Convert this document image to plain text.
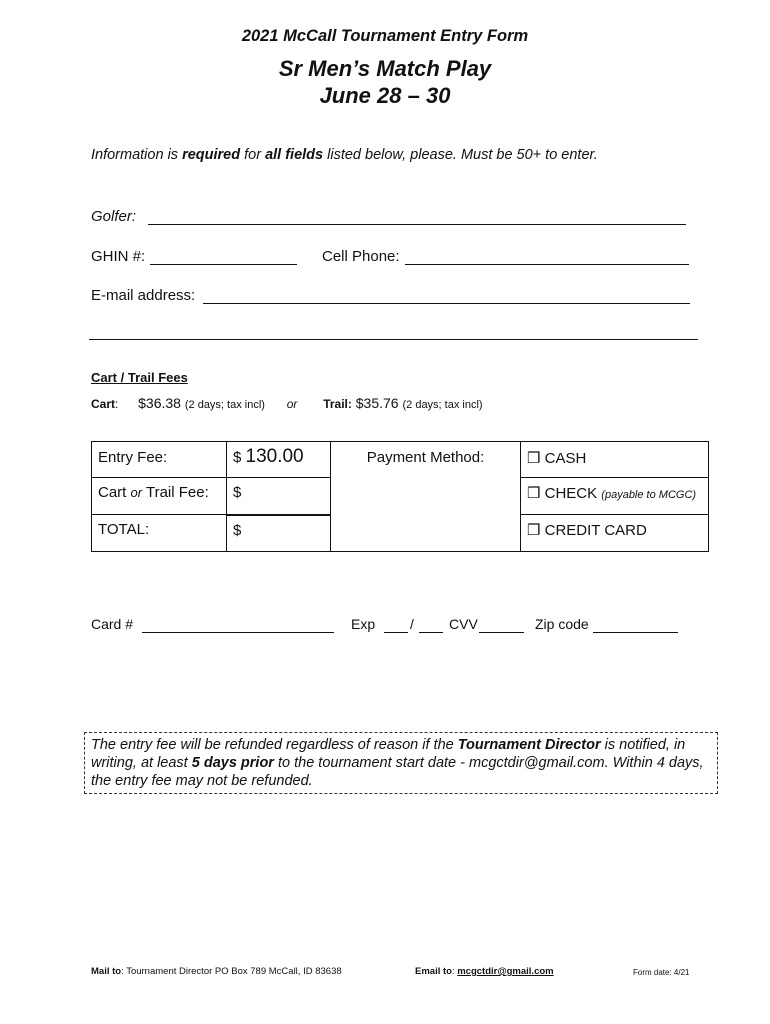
2021 McCall Tournament Entry Form
Sr Men’s Match Play
June 28 – 30
Information is required for all fields listed below, please. Must be 50+ to enter.
Golfer:
GHIN #:	Cell Phone:
E-mail address:
Cart / Trail Fees
Cart: $36.38 (2 days; tax incl) or Trail: $35.76 (2 days; tax incl)
Entry Fee:	$ 130.00	Payment Method:	❒ CASH
Cart or Trail Fee:	$		❒ CHECK (payable to MCGC)
TOTAL:	$		❒ CREDIT CARD
Card #	Exp /	CVV	Zip code
The entry fee will be refunded regardless of reason if the Tournament Director is notified, in writing, at least 5 days prior to the tournament start date - mcgctdir@gmail.com. Within 4 days, the entry fee may not be refunded.
Mail to: Tournament Director PO Box 789 McCall, ID 83638	Email to: mcgctdir@gmail.com	Form date: 4/21
